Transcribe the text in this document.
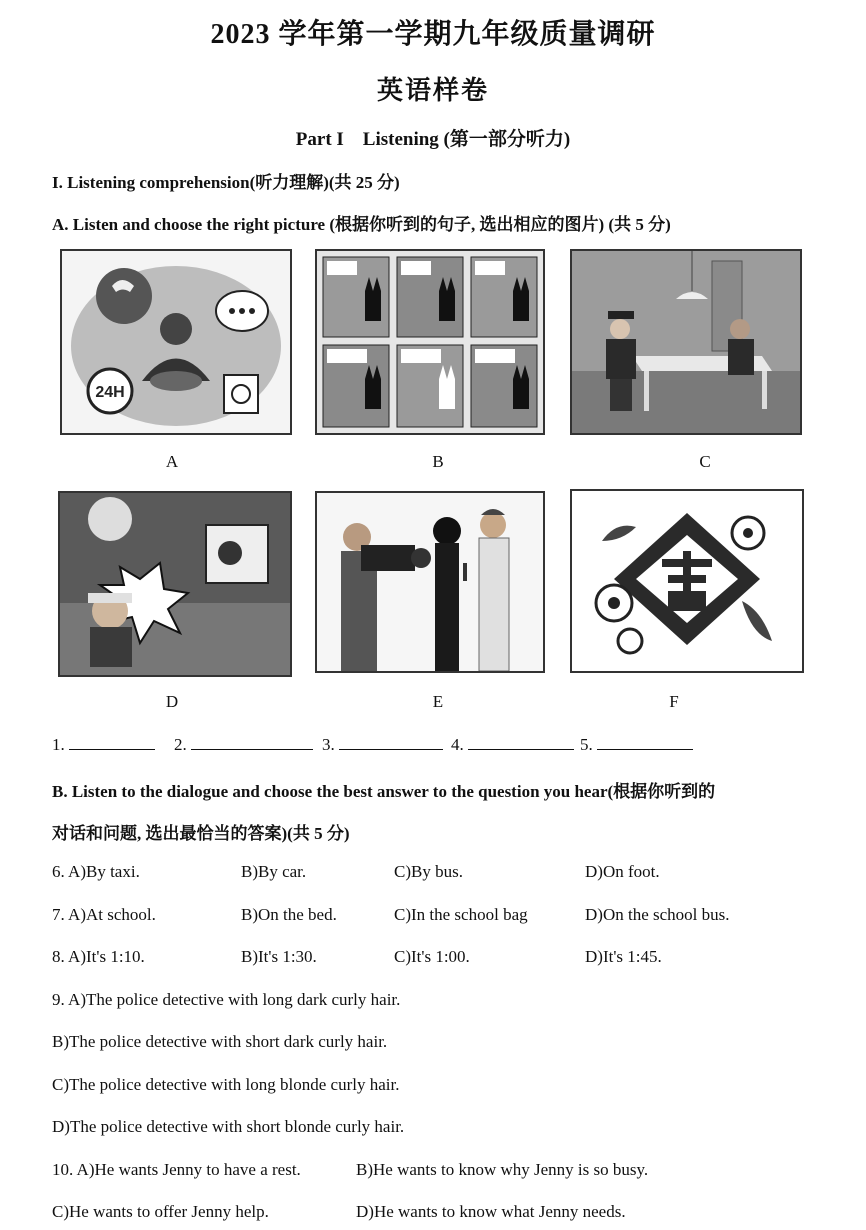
2023 学年第一学期九年级质量调研
英语样卷
Part I    Listening (第一部分听力)
I. Listening comprehension(听力理解)(共 25 分)
A. Listen and choose the right picture (根据你听到的句子, 选出相应的图片) (共 5 分)
24H
A	B	C
D	E	F
1.	2.	3.	4.	5.
B. Listen to the dialogue and choose the best answer to the question you hear(根据你听到的
对话和问题, 选出最恰当的答案)(共 5 分)
6. A)By taxi.	B)By car.	C)By bus.	D)On foot.
7. A)At school.	B)On the bed.	C)In the school bag	D)On the school bus.
8. A)It's 1:10.	B)It's 1:30.	C)It's 1:00.	D)It's 1:45.
9. A)The police detective with long dark curly hair.
B)The police detective with short dark curly hair.
C)The police detective with long blonde curly hair.
D)The police detective with short blonde curly hair.
10. A)He wants Jenny to have a rest.	B)He wants to know why Jenny is so busy.
C)He wants to offer Jenny help.	D)He wants to know what Jenny needs.
